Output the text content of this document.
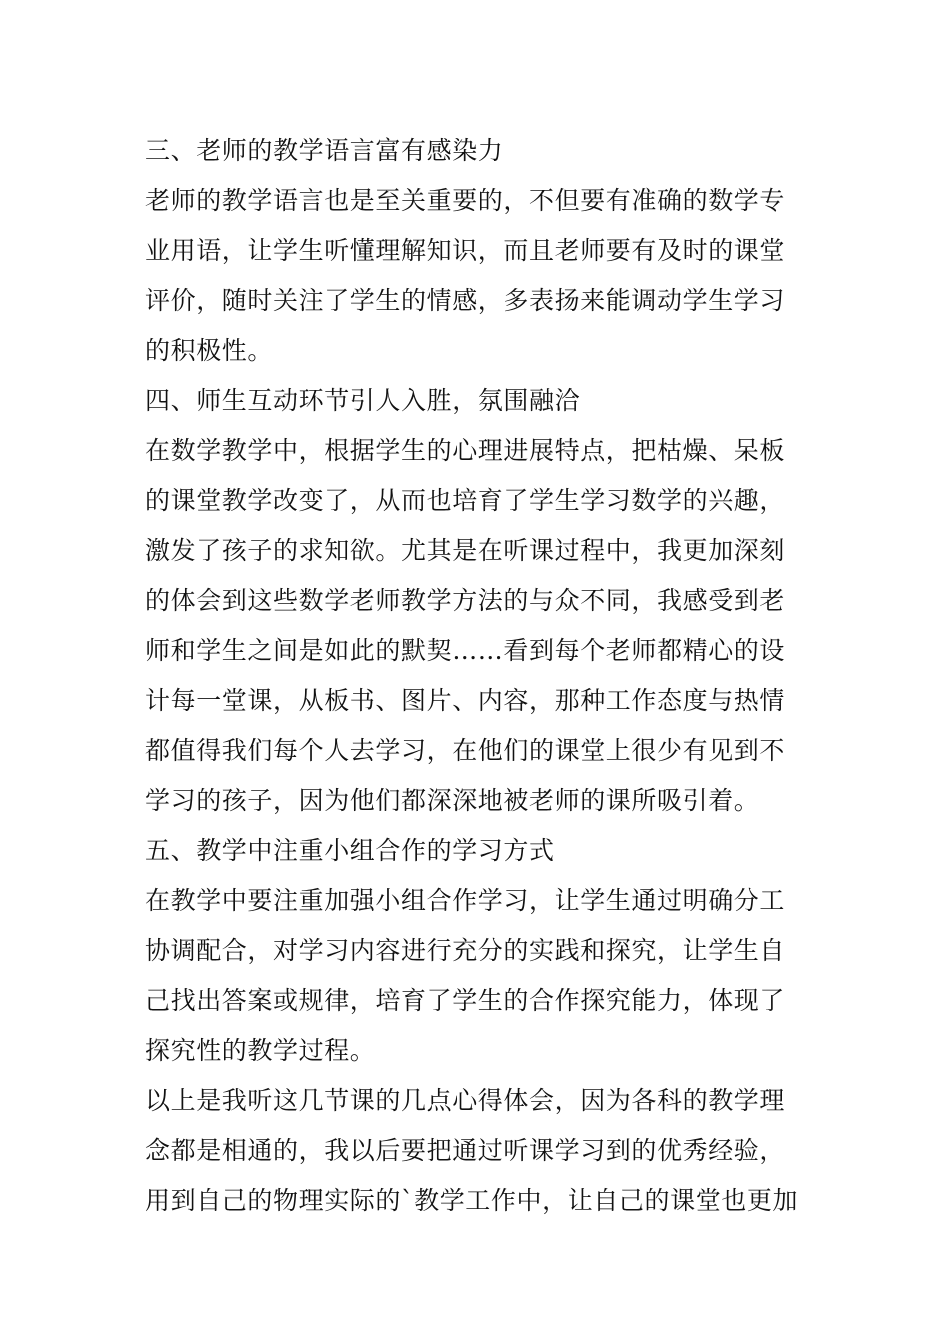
三、老师的教学语言富有感染力
老师的教学语言也是至关重要的，不但要有准确的数学专
业用语，让学生听懂理解知识，而且老师要有及时的课堂
评价，随时关注了学生的情感，多表扬来能调动学生学习
的积极性。
四、师生互动环节引人入胜，氛围融洽
在数学教学中，根据学生的心理进展特点，把枯燥、呆板
的课堂教学改变了，从而也培育了学生学习数学的兴趣，
激发了孩子的求知欲。尤其是在听课过程中，我更加深刻
的体会到这些数学老师教学方法的与众不同，我感受到老
师和学生之间是如此的默契……看到每个老师都精心的设
计每一堂课，从板书、图片、内容，那种工作态度与热情
都值得我们每个人去学习，在他们的课堂上很少有见到不
学习的孩子，因为他们都深深地被老师的课所吸引着。
五、教学中注重小组合作的学习方式
在教学中要注重加强小组合作学习，让学生通过明确分工
协调配合，对学习内容进行充分的实践和探究，让学生自
己找出答案或规律，培育了学生的合作探究能力，体现了
探究性的教学过程。
以上是我听这几节课的几点心得体会，因为各科的教学理
念都是相通的，我以后要把通过听课学习到的优秀经验，
用到自己的物理实际的`教学工作中，让自己的课堂也更加
